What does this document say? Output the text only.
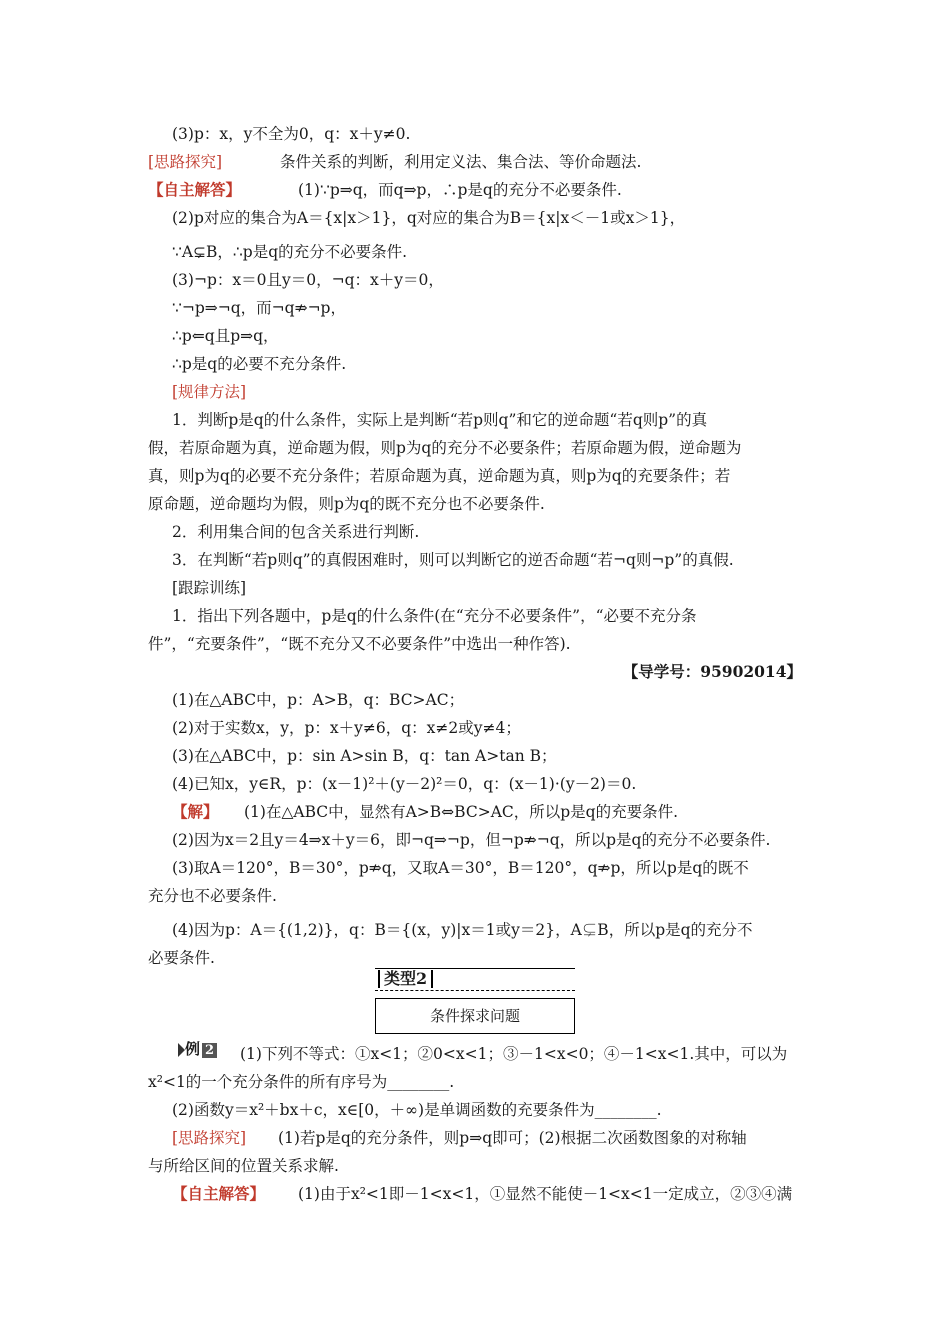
(3)p：x，y不全为0，q：x＋y≠0.
[思路探究]	条件关系的判断，利用定义法、集合法、等价命题法.
【自主解答】	(1)∵p⇒q，而q⇒p，∴p是q的充分不必要条件.
(2)p对应的集合为A＝{x|x＞1}，q对应的集合为B＝{x|x＜－1或x＞1}，
∵A⊊B，∴p是q的充分不必要条件.
(3)¬p：x＝0且y＝0，¬q：x＋y＝0，
∵¬p⇒¬q，而¬q⇏¬p，
∴p⇐q且p⇒q，
∴p是q的必要不充分条件.
[规律方法]
1．判断p是q的什么条件，实际上是判断“若p则q”和它的逆命题“若q则p”的真
假，若原命题为真，逆命题为假，则p为q的充分不必要条件；若原命题为假，逆命题为
真，则p为q的必要不充分条件；若原命题为真，逆命题为真，则p为q的充要条件；若
原命题，逆命题均为假，则p为q的既不充分也不必要条件.
2．利用集合间的包含关系进行判断.
3．在判断“若p则q”的真假困难时，则可以判断它的逆否命题“若¬q则¬p”的真假.
[跟踪训练]
1．指出下列各题中，p是q的什么条件(在“充分不必要条件”，“必要不充分条
件”，“充要条件”，“既不充分又不必要条件”中选出一种作答).
(1)在△ABC中，p：A>B，q：BC>AC；
(2)对于实数x，y，p：x＋y≠6，q：x≠2或y≠4；
(3)在△ABC中，p：sin A>sin B，q：tan A>tan B；
(4)已知x，y∈R，p：(x－1)²＋(y－2)²＝0，q：(x－1)·(y－2)＝0.
【解】	(1)在△ABC中，显然有A>B⇔BC>AC，所以p是q的充要条件.
(2)因为x＝2且y＝4⇒x＋y＝6，即¬q⇒¬p，但¬p⇏¬q，所以p是q的充分不必要条件.
(3)取A＝120°，B＝30°，p⇏q，又取A＝30°，B＝120°，q⇏p，所以p是q的既不
充分也不必要条件.
(4)因为p：A＝{(1,2)}，q：B＝{(x，y)|x＝1或y＝2}，A⊊B，所以p是q的充分不
必要条件.
(1)下列不等式：①x<1；②0<x<1；③－1<x<0；④－1<x<1.其中，可以为
x²<1的一个充分条件的所有序号为________.
(2)函数y＝x²＋bx＋c，x∈[0，＋∞)是单调函数的充要条件为________.
[思路探究]	(1)若p是q的充分条件，则p⇒q即可；(2)根据二次函数图象的对称轴
与所给区间的位置关系求解.
【自主解答】	(1)由于x²<1即－1<x<1，①显然不能使－1<x<1一定成立，②③④满
【导学号：95902014】
类型2
条件探求问题
例 2
